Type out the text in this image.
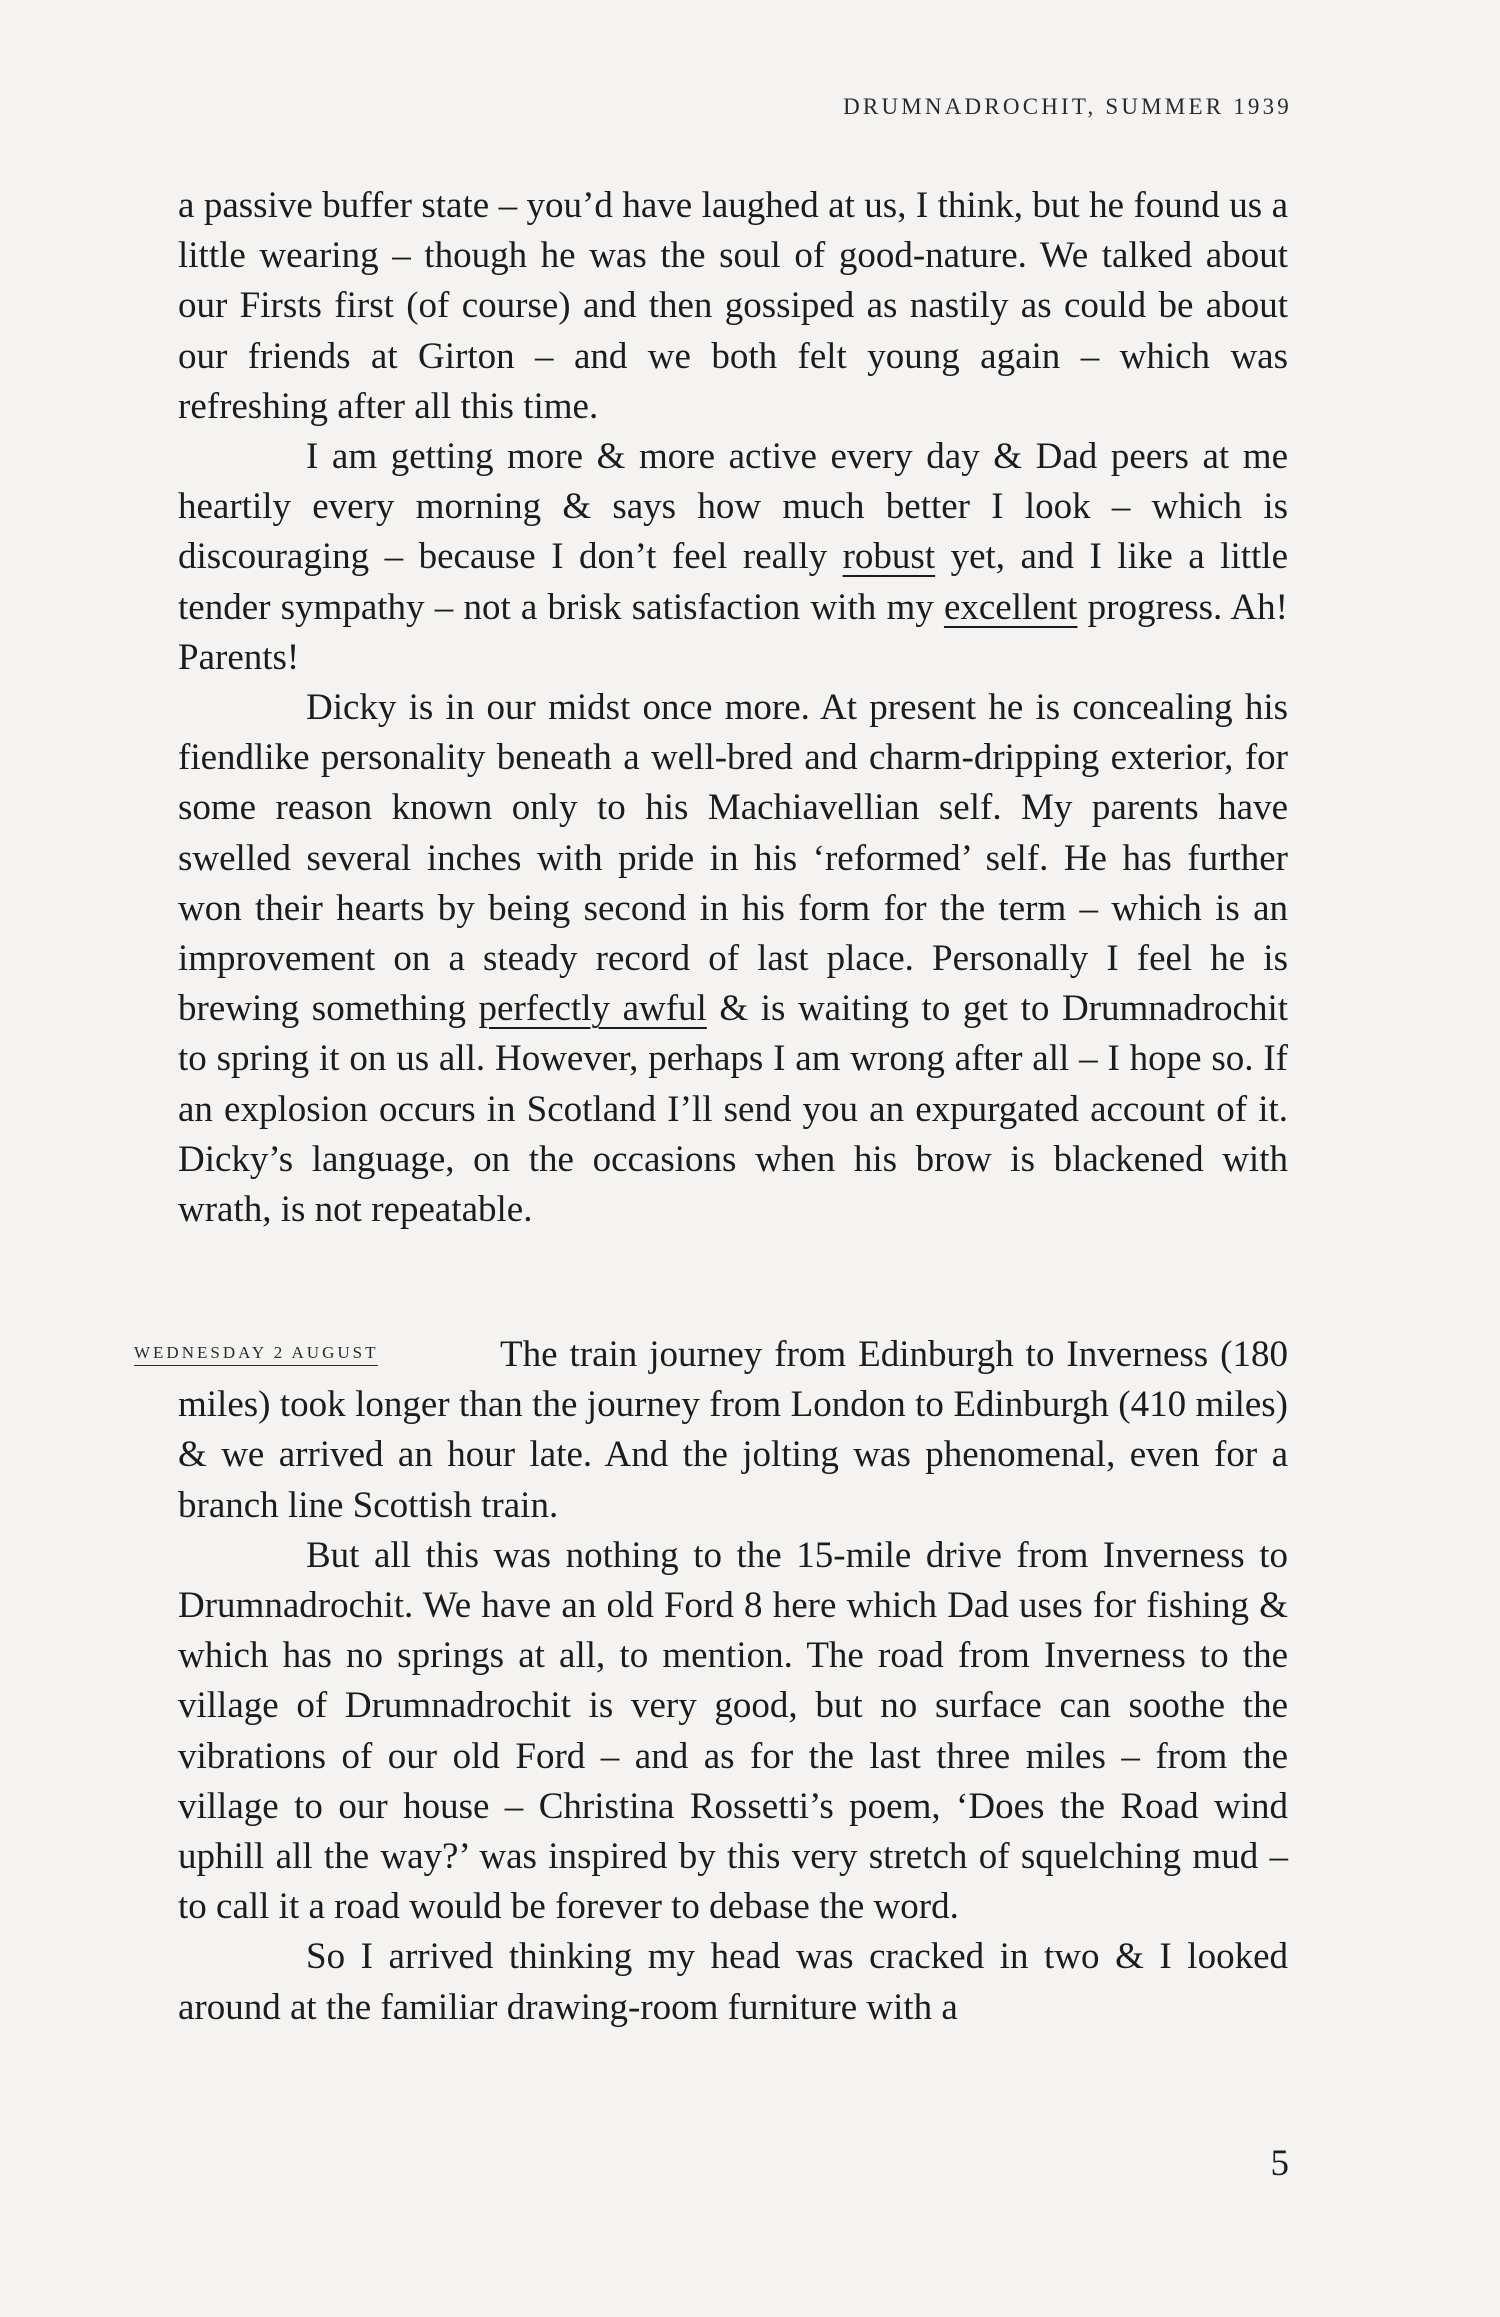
DRUMNADROCHIT, SUMMER 1939

a passive buffer state – you’d have laughed at us, I think, but he found us a little wearing – though he was the soul of good-nature. We talked about our Firsts first (of course) and then gossiped as nastily as could be about our friends at Girton – and we both felt young again – which was refreshing after all this time.

I am getting more & more active every day & Dad peers at me heartily every morning & says how much better I look – which is discouraging – because I don’t feel really robust yet, and I like a little tender sympathy – not a brisk satisfaction with my excellent progress. Ah! Parents!

Dicky is in our midst once more. At present he is concealing his fiendlike personality beneath a well-bred and charm-dripping exterior, for some reason known only to his Machiavellian self. My parents have swelled several inches with pride in his ‘reformed’ self. He has further won their hearts by being second in his form for the term – which is an improvement on a steady record of last place. Personally I feel he is brewing something perfectly awful & is waiting to get to Drumnadrochit to spring it on us all. However, perhaps I am wrong after all – I hope so. If an explosion occurs in Scotland I’ll send you an expurgated account of it. Dicky’s language, on the occasions when his brow is blackened with wrath, is not repeatable.

WEDNESDAY 2 AUGUST	The train journey from Edinburgh to Inverness (180 miles) took longer than the journey from London to Edinburgh (410 miles) & we arrived an hour late. And the jolting was phenomenal, even for a branch line Scottish train.

But all this was nothing to the 15-mile drive from Inverness to Drumnadrochit. We have an old Ford 8 here which Dad uses for fishing & which has no springs at all, to mention. The road from Inverness to the village of Drumnadrochit is very good, but no surface can soothe the vibrations of our old Ford – and as for the last three miles – from the village to our house – Christina Rossetti’s poem, ‘Does the Road wind uphill all the way?’ was inspired by this very stretch of squelching mud – to call it a road would be forever to debase the word.

So I arrived thinking my head was cracked in two & I looked around at the familiar drawing-room furniture with a

5
